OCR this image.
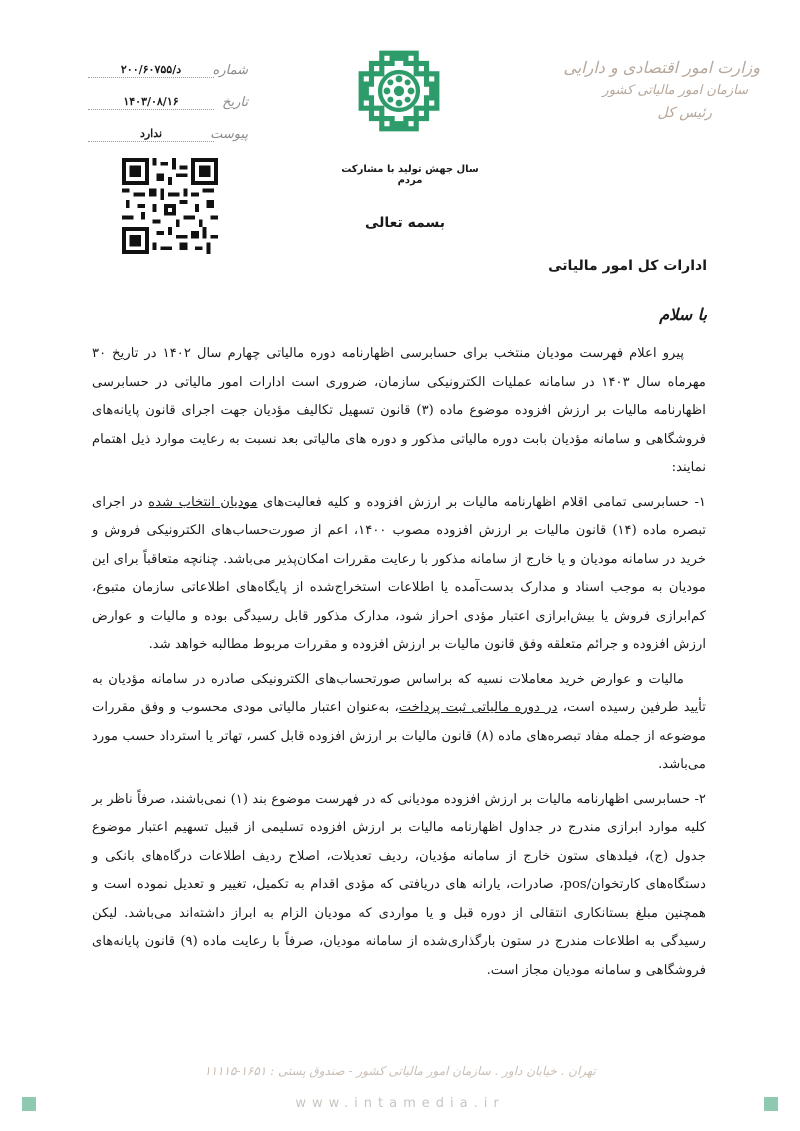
شماره
د/۲۰۰/۶۰۷۵۵
تاریخ
۱۴۰۳/۰۸/۱۶
پیوست
ندارد
وزارت امور اقتصادی و دارایی
سازمان امور مالیاتی کشور
رئیس کل
سال جهش تولید با مشارکت مردم
بسمه تعالی
ادارات کل امور مالیاتی
با سلام

پیرو اعلام فهرست مودیان منتخب برای حسابرسی اظهارنامه دوره مالیاتی چهارم سال ۱۴۰۲ در تاریخ ۳۰ مهرماه سال ۱۴۰۳ در سامانه عملیات الکترونیکی سازمان، ضروری است ادارات امور مالیاتی در حسابرسی اظهارنامه مالیات بر ارزش افزوده موضوع ماده (۳) قانون تسهیل تکالیف مؤدیان جهت اجرای قانون پایانه‌های فروشگاهی و سامانه مؤدیان بابت دوره مالیاتی مذکور و دوره های مالیاتی بعد نسبت به رعایت موارد ذیل اهتمام نمایند:

۱- حسابرسی تمامی اقلام اظهارنامه مالیات بر ارزش افزوده و کلیه فعالیت‌های مودیان انتخاب شده در اجرای تبصره ماده (۱۴) قانون مالیات بر ارزش افزوده مصوب ۱۴۰۰، اعم از صورت‌حساب‌های الکترونیکی فروش و خرید در سامانه مودیان و یا خارج از سامانه مذکور با رعایت مقررات امکان‌پذیر می‌باشد. چنانچه متعاقباً برای این مودیان به موجب اسناد و مدارک بدست‌آمده یا اطلاعات استخراج‌شده از پایگاه‌های اطلاعاتی سازمان متبوع، کم‌ابرازی فروش یا بیش‌ابرازی اعتبار مؤدی احراز شود، مدارک مذکور قابل رسیدگی بوده و مالیات و عوارض ارزش افزوده و جرائم متعلقه وفق قانون مالیات بر ارزش افزوده و مقررات مربوط مطالبه خواهد شد.

مالیات و عوارض خرید معاملات نسیه که براساس صورتحساب‌های الکترونیکی صادره در سامانه مؤدیان به تأیید طرفین رسیده است، در دوره مالیاتی ثبت پرداخت، به‌عنوان اعتبار مالیاتی مودی محسوب و وفق مقررات موضوعه از جمله مفاد تبصره‌های ماده (۸) قانون مالیات بر ارزش افزوده قابل کسر، تهاتر یا استرداد حسب مورد می‌باشد.

۲- حسابرسی اظهارنامه مالیات بر ارزش افزوده مودیانی که در فهرست موضوع بند (۱) نمی‌باشند، صرفاً ناظر بر کلیه موارد ابرازی مندرج در جداول اظهارنامه مالیات بر ارزش افزوده تسلیمی از قبیل تسهیم اعتبار موضوع جدول (ج)، فیلدهای ستون خارج از سامانه مؤدیان، ردیف تعدیلات، اصلاح ردیف اطلاعات درگاه‌های بانکی و دستگاه‌های کارتخوان/pos، صادرات، یارانه های دریافتی که مؤدی اقدام به تکمیل، تغییر و تعدیل نموده است و همچنین مبلغ بستانکاری انتقالی از دوره قبل و یا مواردی که مودیان الزام به ابراز داشته‌اند می‌باشد. لیکن رسیدگی به اطلاعات مندرج در ستون بارگذاری‌شده از سامانه مودیان، صرفاً با رعایت ماده (۹) قانون پایانه‌های فروشگاهی و سامانه مودیان مجاز است.

تهران . خیابان داور . سازمان امور مالیاتی کشور - صندوق پستی : ۱۶۵۱-۱۱۱۱۵
www.intamedia.ir
